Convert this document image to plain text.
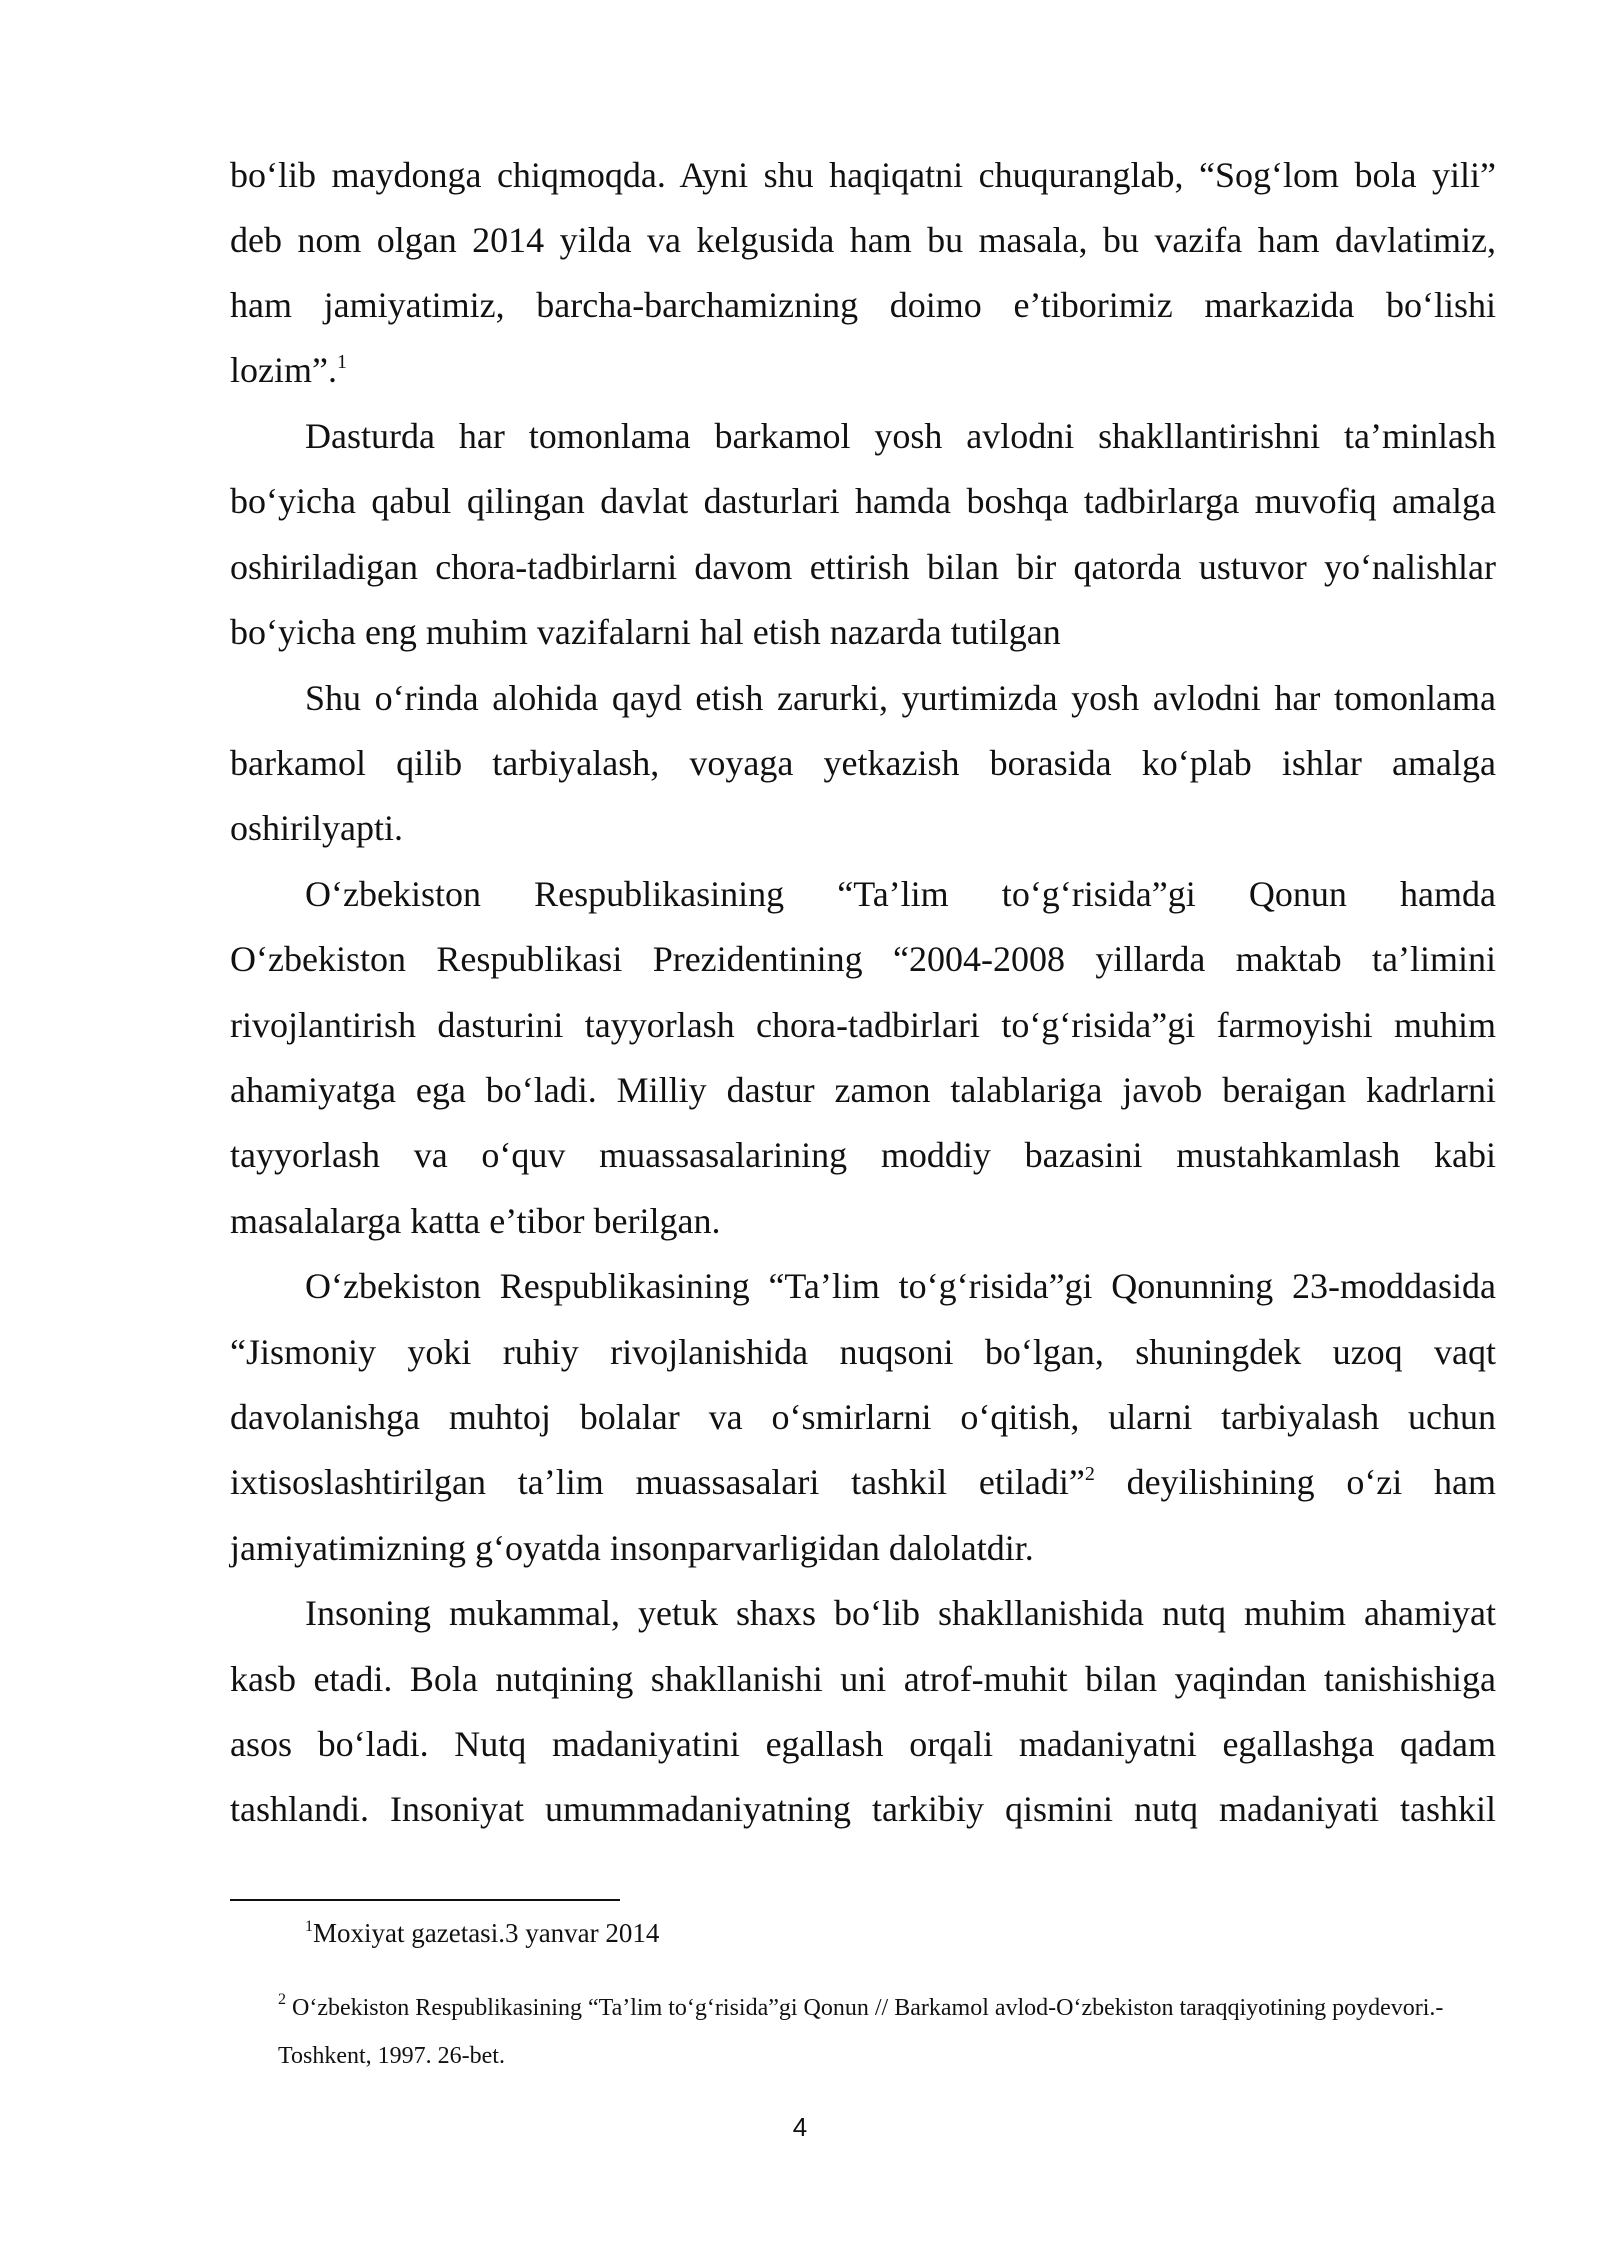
bo‘lib maydonga chiqmoqda. Ayni shu haqiqatni chuquranglab, “Sog‘lom bola yili”
deb nom olgan 2014 yilda va kelgusida ham bu masala, bu vazifa ham davlatimiz,
ham jamiyatimiz, barcha-barchamizning doimo e’tiborimiz markazida bo‘lishi
lozim”.$^1$
Dasturda har tomonlama barkamol yosh avlodni shakllantirishni ta’minlash
bo‘yicha qabul qilingan davlat dasturlari hamda boshqa tadbirlarga muvofiq amalga
oshiriladigan chora-tadbirlarni davom ettirish bilan bir qatorda ustuvor yo‘nalishlar
bo‘yicha eng muhim vazifalarni hal etish nazarda tutilgan
Shu o‘rinda alohida qayd etish zarurki, yurtimizda yosh avlodni har tomonlama
barkamol qilib tarbiyalash, voyaga yetkazish borasida ko‘plab ishlar amalga
oshirilyapti.
O‘zbekiston Respublikasining “Ta’lim to‘g‘risida”gi Qonun hamda
O‘zbekiston Respublikasi Prezidentining “2004-2008 yillarda maktab ta’limini
rivojlantirish dasturini tayyorlash chora-tadbirlari to‘g‘risida”gi farmoyishi muhim
ahamiyatga ega bo‘ladi. Milliy dastur zamon talablariga javob beraigan kadrlarni
tayyorlash va o‘quv muassasalarining moddiy bazasini mustahkamlash kabi
masalalarga katta e’tibor berilgan.
O‘zbekiston Respublikasining “Ta’lim to‘g‘risida”gi Qonunning 23-moddasida
“Jismoniy yoki ruhiy rivojlanishida nuqsoni bo‘lgan, shuningdek uzoq vaqt
davolanishga muhtoj bolalar va o‘smirlarni o‘qitish, ularni tarbiyalash uchun
ixtisoslashtirilgan ta’lim muassasalari tashkil etiladi”$^2$ deyilishining o‘zi ham
jamiyatimizning g‘oyatda insonparvarligidan dalolatdir.
Insoning mukammal, yetuk shaxs bo‘lib shakllanishida nutq muhim ahamiyat
kasb etadi. Bola nutqining shakllanishi uni atrof-muhit bilan yaqindan tanishishiga
asos bo‘ladi. Nutq madaniyatini egallash orqali madaniyatni egallashga qadam
tashlandi. Insoniyat umummadaniyatning tarkibiy qismini nutq madaniyati tashkil
$^1$Moxiyat gazetasi.3 yanvar 2014
$^2$ O‘zbekiston Respublikasining “Ta’lim to‘g‘risida”gi Qonun // Barkamol avlod-O‘zbekiston taraqqiyotining poydevori.-
Toshkent, 1997. 26-bet.
4
